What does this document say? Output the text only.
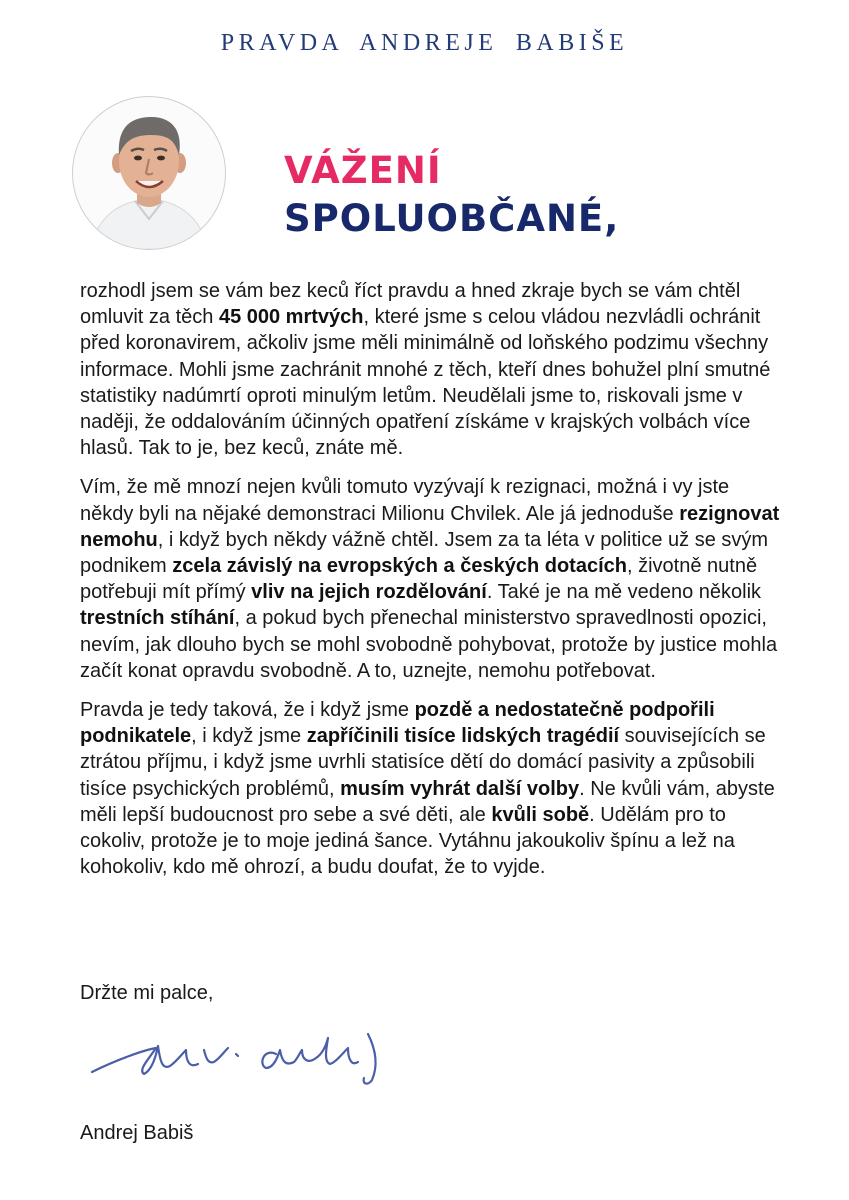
PRAVDA ANDREJE BABIŠE
VÁŽENÍ
SPOLUOBČANÉ,

rozhodl jsem se vám bez keců říct pravdu a hned zkraje bych se vám chtěl omluvit za těch 45 000 mrtvých, které jsme s celou vládou nezvládli ochránit před koronavirem, ačkoliv jsme měli minimálně od loňského podzimu všechny informace. Mohli jsme zachránit mnohé z těch, kteří dnes bohužel plní smutné statistiky nadúmrtí oproti minulým letům. Neudělali jsme to, riskovali jsme v naději, že oddalováním účinných opatření získáme v krajských volbách více hlasů. Tak to je, bez keců, znáte mě.

Vím, že mě mnozí nejen kvůli tomuto vyzývají k rezignaci, možná i vy jste někdy byli na nějaké demonstraci Milionu Chvilek. Ale já jednoduše rezignovat nemohu, i když bych někdy vážně chtěl. Jsem za ta léta v politice už se svým podnikem zcela závislý na evropských a českých dotacích, životně nutně potřebuji mít přímý vliv na jejich rozdělování. Také je na mě vedeno několik trestních stíhání, a pokud bych přenechal ministerstvo spravedlnosti opozici, nevím, jak dlouho bych se mohl svobodně pohybovat, protože by justice mohla začít konat opravdu svobodně. A to, uznejte, nemohu potřebovat.

Pravda je tedy taková, že i když jsme pozdě a nedostatečně podpořili podnikatele, i když jsme zapříčinili tisíce lidských tragédií souvisejících se ztrátou příjmu, i když jsme uvrhli statisíce dětí do domácí pasivity a způsobili tisíce psychických problémů, musím vyhrát další volby. Ne kvůli vám, abyste měli lepší budoucnost pro sebe a své děti, ale kvůli sobě. Udělám pro to cokoliv, protože je to moje jediná šance. Vytáhnu jakoukoliv špínu a lež na kohokoliv, kdo mě ohrozí, a budu doufat, že to vyjde.

Držte mi palce,
Andrej Babiš
